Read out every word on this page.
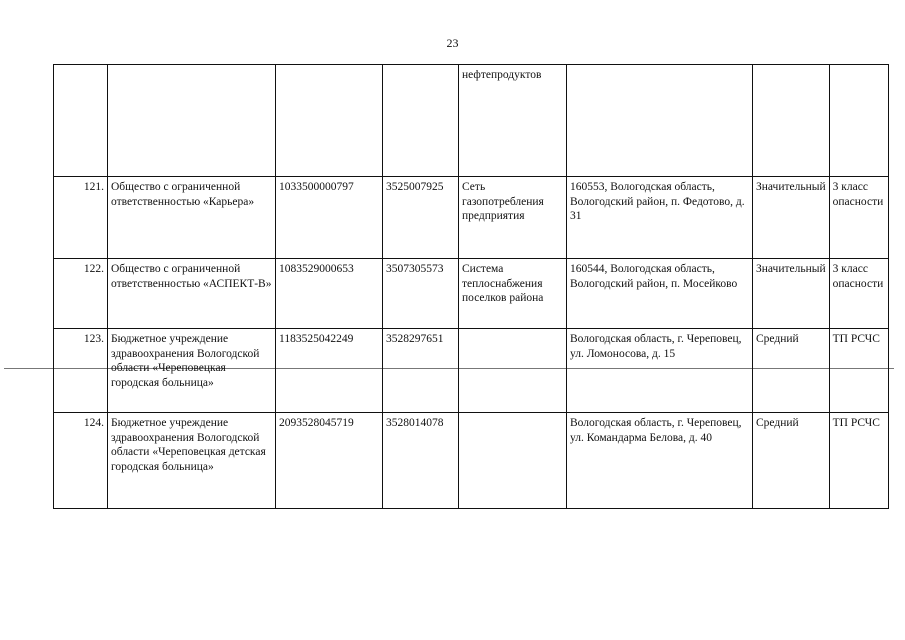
23
				нефтепродуктов			
121.	Общество с ограниченной ответственностью «Карьера»	1033500000797	3525007925	Сеть газопотребления предприятия	160553, Вологодская область, Вологодский район, п. Федотово, д. 31	Значительный	3 класс опасности
122.	Общество с ограниченной ответственностью «АСПЕКТ-В»	1083529000653	3507305573	Система теплоснабжения поселков района	160544, Вологодская область, Вологодский район, п. Мосейково	Значительный	3 класс опасности
123.	Бюджетное учреждение здравоохранения Вологодской области «Череповецкая городская больница»	1183525042249	3528297651		Вологодская область, г. Череповец, ул. Ломоносова, д. 15	Средний	ТП РСЧС
124.	Бюджетное учреждение здравоохранения Вологодской области «Череповецкая детская городская больница»	2093528045719	3528014078		Вологодская область, г. Череповец, ул. Командарма Белова, д. 40	Средний	ТП РСЧС
